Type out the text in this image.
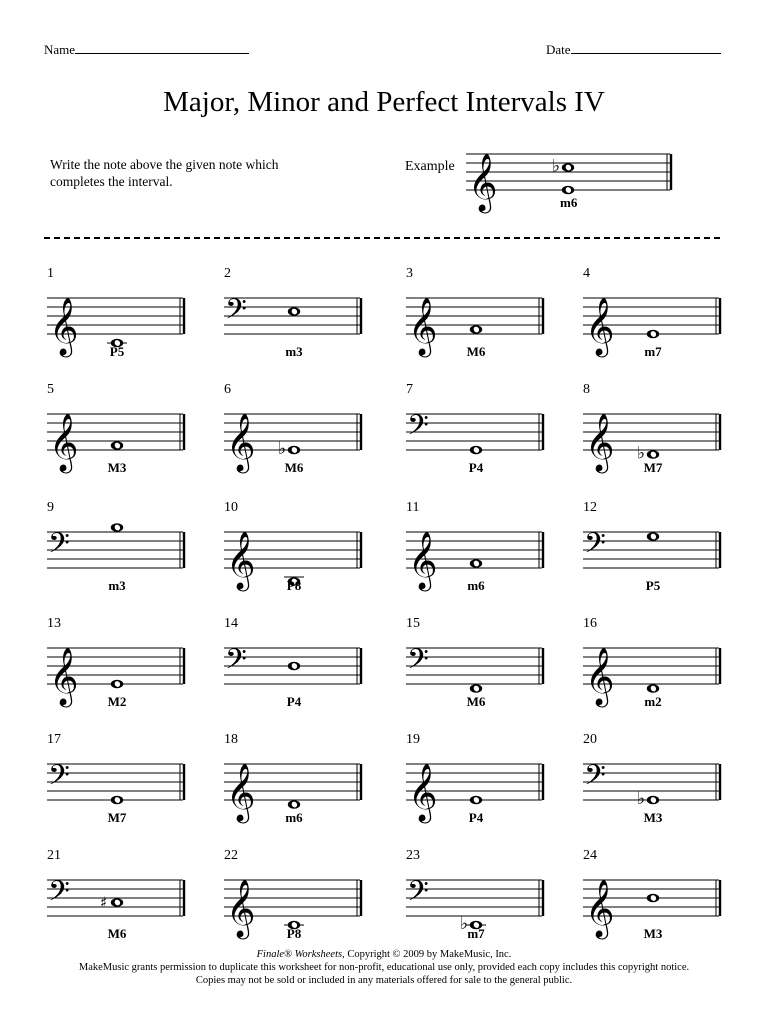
Name	Date
Major, Minor and Perfect Intervals IV
Write the note above the given note which completes the interval.
Example 𝄞	♭
m6
1
𝄞	P5
2
𝄢
m3
3
𝄞	M6
4
𝄞	m7
5
𝄞	M3
6
𝄞 ♭
M6
7
𝄢
P4
8
𝄞 ♭
M7
9
𝄢
m3
10
𝄞	P8
11
𝄞	m6
12
𝄢
P5
13
𝄞	M2
14
𝄢
P4
15
𝄢
M6
16
𝄞	m2
17
𝄢
M7
18
𝄞	m6
19
𝄞	P4
20
𝄢 ♭
M3
21
𝄢 ♯
M6
22
𝄞	P8
23
𝄢
♭ m7
24
𝄞	M3
Finale® Worksheets, Copyright © 2009 by MakeMusic, Inc.
MakeMusic grants permission to duplicate this worksheet for non-profit, educational use only, provided each copy includes this copyright notice.
Copies may not be sold or included in any materials offered for sale to the general public.
